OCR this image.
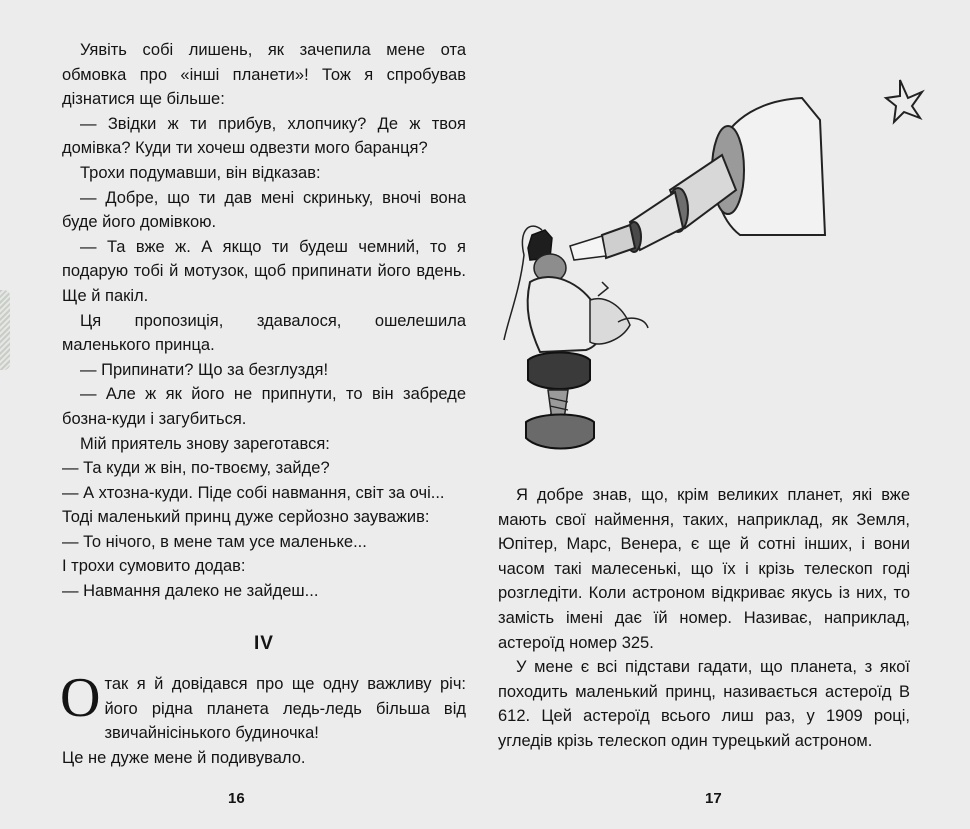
Уявіть собі лишень, як зачепила мене ота обмовка про «інші планети»! Тож я спробував дізнатися ще більше:

— Звідки ж ти прибув, хлопчику? Де ж твоя домівка? Куди ти хочеш одвезти мого баранця?

Трохи подумавши, він відказав:

— Добре, що ти дав мені скриньку, вночі вона буде його домівкою.

— Та вже ж. А якщо ти будеш чемний, то я подарую тобі й мотузок, щоб припинати його вдень. Ще й пакіл.

Ця пропозиція, здавалося, ошелешила маленького принца.

— Припинати? Що за безглуздя!

— Але ж як його не припнути, то він забреде бозна-куди і загубиться.

Мій приятель знову зареготався:

— Та куди ж він, по-твоєму, зайде?

— А хтозна-куди. Піде собі навмання, світ за очі...

Тоді маленький принц дуже серйозно зауважив:

— То нічого, в мене там усе маленьке...

І трохи сумовито додав:

— Навмання далеко не зайдеш...

IV
О так я й довідався про ще одну важливу річ: його рідна планета ледь-ледь більша від звичайнісінького будиночка!

Це не дуже мене й подивувало.

16

Я добре знав, що, крім великих планет, які вже мають свої наймення, таких, наприклад, як Земля, Юпітер, Марс, Венера, є ще й сотні інших, і вони часом такі малесенькі, що їх і крізь телескоп годі розгледіти. Коли астроном відкриває якусь із них, то замість імені дає їй номер. Називає, наприклад, астероїд номер 325.

У мене є всі підстави гадати, що планета, з якої походить маленький принц, називається астероїд В 612. Цей астероїд всього лиш раз, у 1909 році, угледів крізь телескоп один турецький астроном.

17
